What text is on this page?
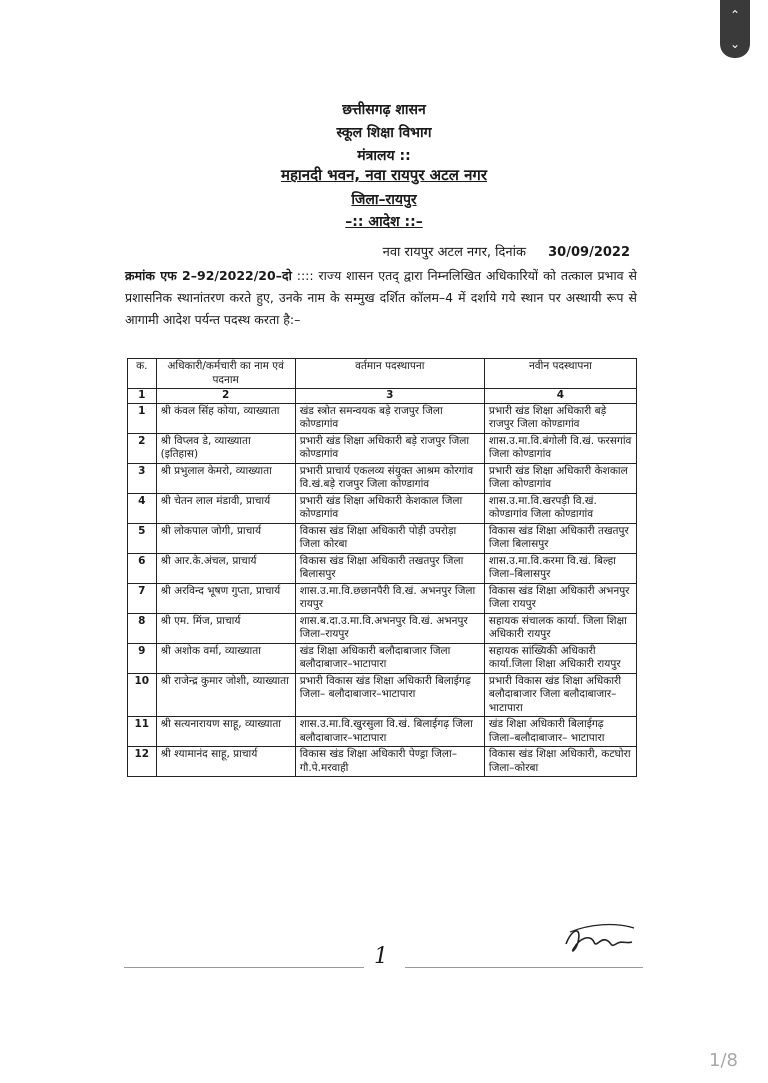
⌃
⌄
छत्तीसगढ़ शासन
स्कूल शिक्षा विभाग
मंत्रालय ::
महानदी भवन, नवा रायपुर अटल नगर
जिला–रायपुर
–:: आदेश ::–
नवा रायपुर अटल नगर, दिनांक 30/09/2022
क्रमांक एफ 2–92/2022/20–दो :::: राज्य शासन एतद् द्वारा निम्नलिखित अधिकारियों को तत्काल प्रभाव से प्रशासनिक स्थानांतरण करते हुए, उनके नाम के सम्मुख दर्शित कॉलम–4 में दर्शाये गये स्थान पर अस्थायी रूप से आगामी आदेश पर्यन्त पदस्थ करता है:–
क.	अधिकारी/कर्मचारी का नाम एवं पदनाम	वर्तमान पदस्थापना	नवीन पदस्थापना
1	2	3	4
1	श्री कंवल सिंह कोया, व्याख्याता	खंड स्त्रोत समन्वयक बड़े राजपुर जिला कोण्डागांव	प्रभारी खंड शिक्षा अधिकारी बड़े राजपुर जिला कोण्डागांव
2	श्री विप्लव डे, व्याख्याता (इतिहास)	प्रभारी खंड शिक्षा अधिकारी बड़े राजपुर जिला कोण्डागांव	शास.उ.मा.वि.बंगोली वि.खं. फरसगांव जिला कोण्डागांव
3	श्री प्रभुलाल केमरो, व्याख्याता	प्रभारी प्राचार्य एकलव्य संयुक्त आश्रम कोरगांव वि.खं.बड़े राजपुर जिला कोण्डागांव	प्रभारी खंड शिक्षा अधिकारी केशकाल जिला कोण्डागांव
4	श्री चेतन लाल मंडावी, प्राचार्य	प्रभारी खंड शिक्षा अधिकारी केशकाल जिला कोण्डागांव	शास.उ.मा.वि.खरपड़ी वि.खं. कोण्डागांव जिला कोण्डागांव
5	श्री लोकपाल जोगी, प्राचार्य	विकास खंड शिक्षा अधिकारी पोड़ी उपरोड़ा जिला कोरबा	विकास खंड शिक्षा अधिकारी तखतपुर जिला बिलासपुर
6	श्री आर.के.अंचल, प्राचार्य	विकास खंड शिक्षा अधिकारी तखतपुर जिला बिलासपुर	शास.उ.मा.वि.करमा वि.खं. बिल्हा जिला–बिलासपुर
7	श्री अरविन्द भूषण गुप्ता, प्राचार्य	शास.उ.मा.वि.छछानपैरी वि.खं. अभनपुर जिला रायपुर	विकास खंड शिक्षा अधिकारी अभनपुर जिला रायपुर
8	श्री एम. मिंज, प्राचार्य	शास.ब.दा.उ.मा.वि.अभनपुर वि.खं. अभनपुर जिला–रायपुर	सहायक संचालक कार्या. जिला शिक्षा अधिकारी रायपुर
9	श्री अशोक वर्मा, व्याख्याता	खंड शिक्षा अधिकारी बलौदाबाजार जिला बलौदाबाजार–भाटापारा	सहायक सांख्यिकी अधिकारी कार्या.जिला शिक्षा अधिकारी रायपुर
10	श्री राजेन्द्र कुमार जोशी, व्याख्याता	प्रभारी विकास खंड शिक्षा अधिकारी बिलाईगढ़ जिला– बलौदाबाजार–भाटापारा	प्रभारी विकास खंड शिक्षा अधिकारी बलौदाबाजार जिला बलौदाबाजार– भाटापारा
11	श्री सत्यनारायण साहू, व्याख्याता	शास.उ.मा.वि.खुरसुला वि.खं. बिलाईगढ़ जिला बलौदाबाजार–भाटापारा	खंड शिक्षा अधिकारी बिलाईगढ़ जिला–बलौदाबाजार– भाटापारा
12	श्री श्यामानंद साहू, प्राचार्य	विकास खंड शिक्षा अधिकारी पेण्ड्रा जिला–गौ.पे.मरवाही	विकास खंड शिक्षा अधिकारी, कटघोरा जिला–कोरबा
1
1/8
